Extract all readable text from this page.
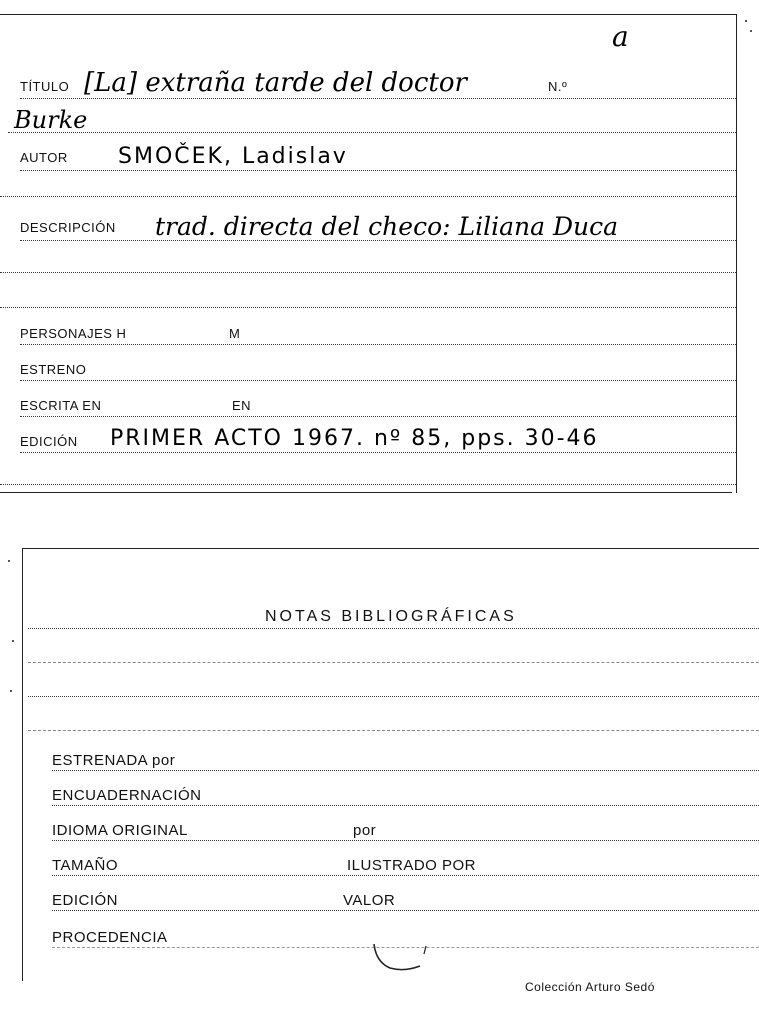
a
TÍTULO [La] extraña tarde del doctor	N.º
Burke
AUTOR SMOČEK, Ladislav
DESCRIPCIÓN trad. directa del checo: Liliana Duca
PERSONAJES H	M
ESTRENO
ESCRITA EN	EN
EDICIÓN PRIMER ACTO 1967. nº 85, pps. 30-46
NOTAS BIBLIOGRÁFICAS
ESTRENADA por
ENCUADERNACIÓN
IDIOMA ORIGINAL	por
TAMAÑO	ILUSTRADO POR
EDICIÓN	VALOR
PROCEDENCIA
Colección Arturo Sedó
